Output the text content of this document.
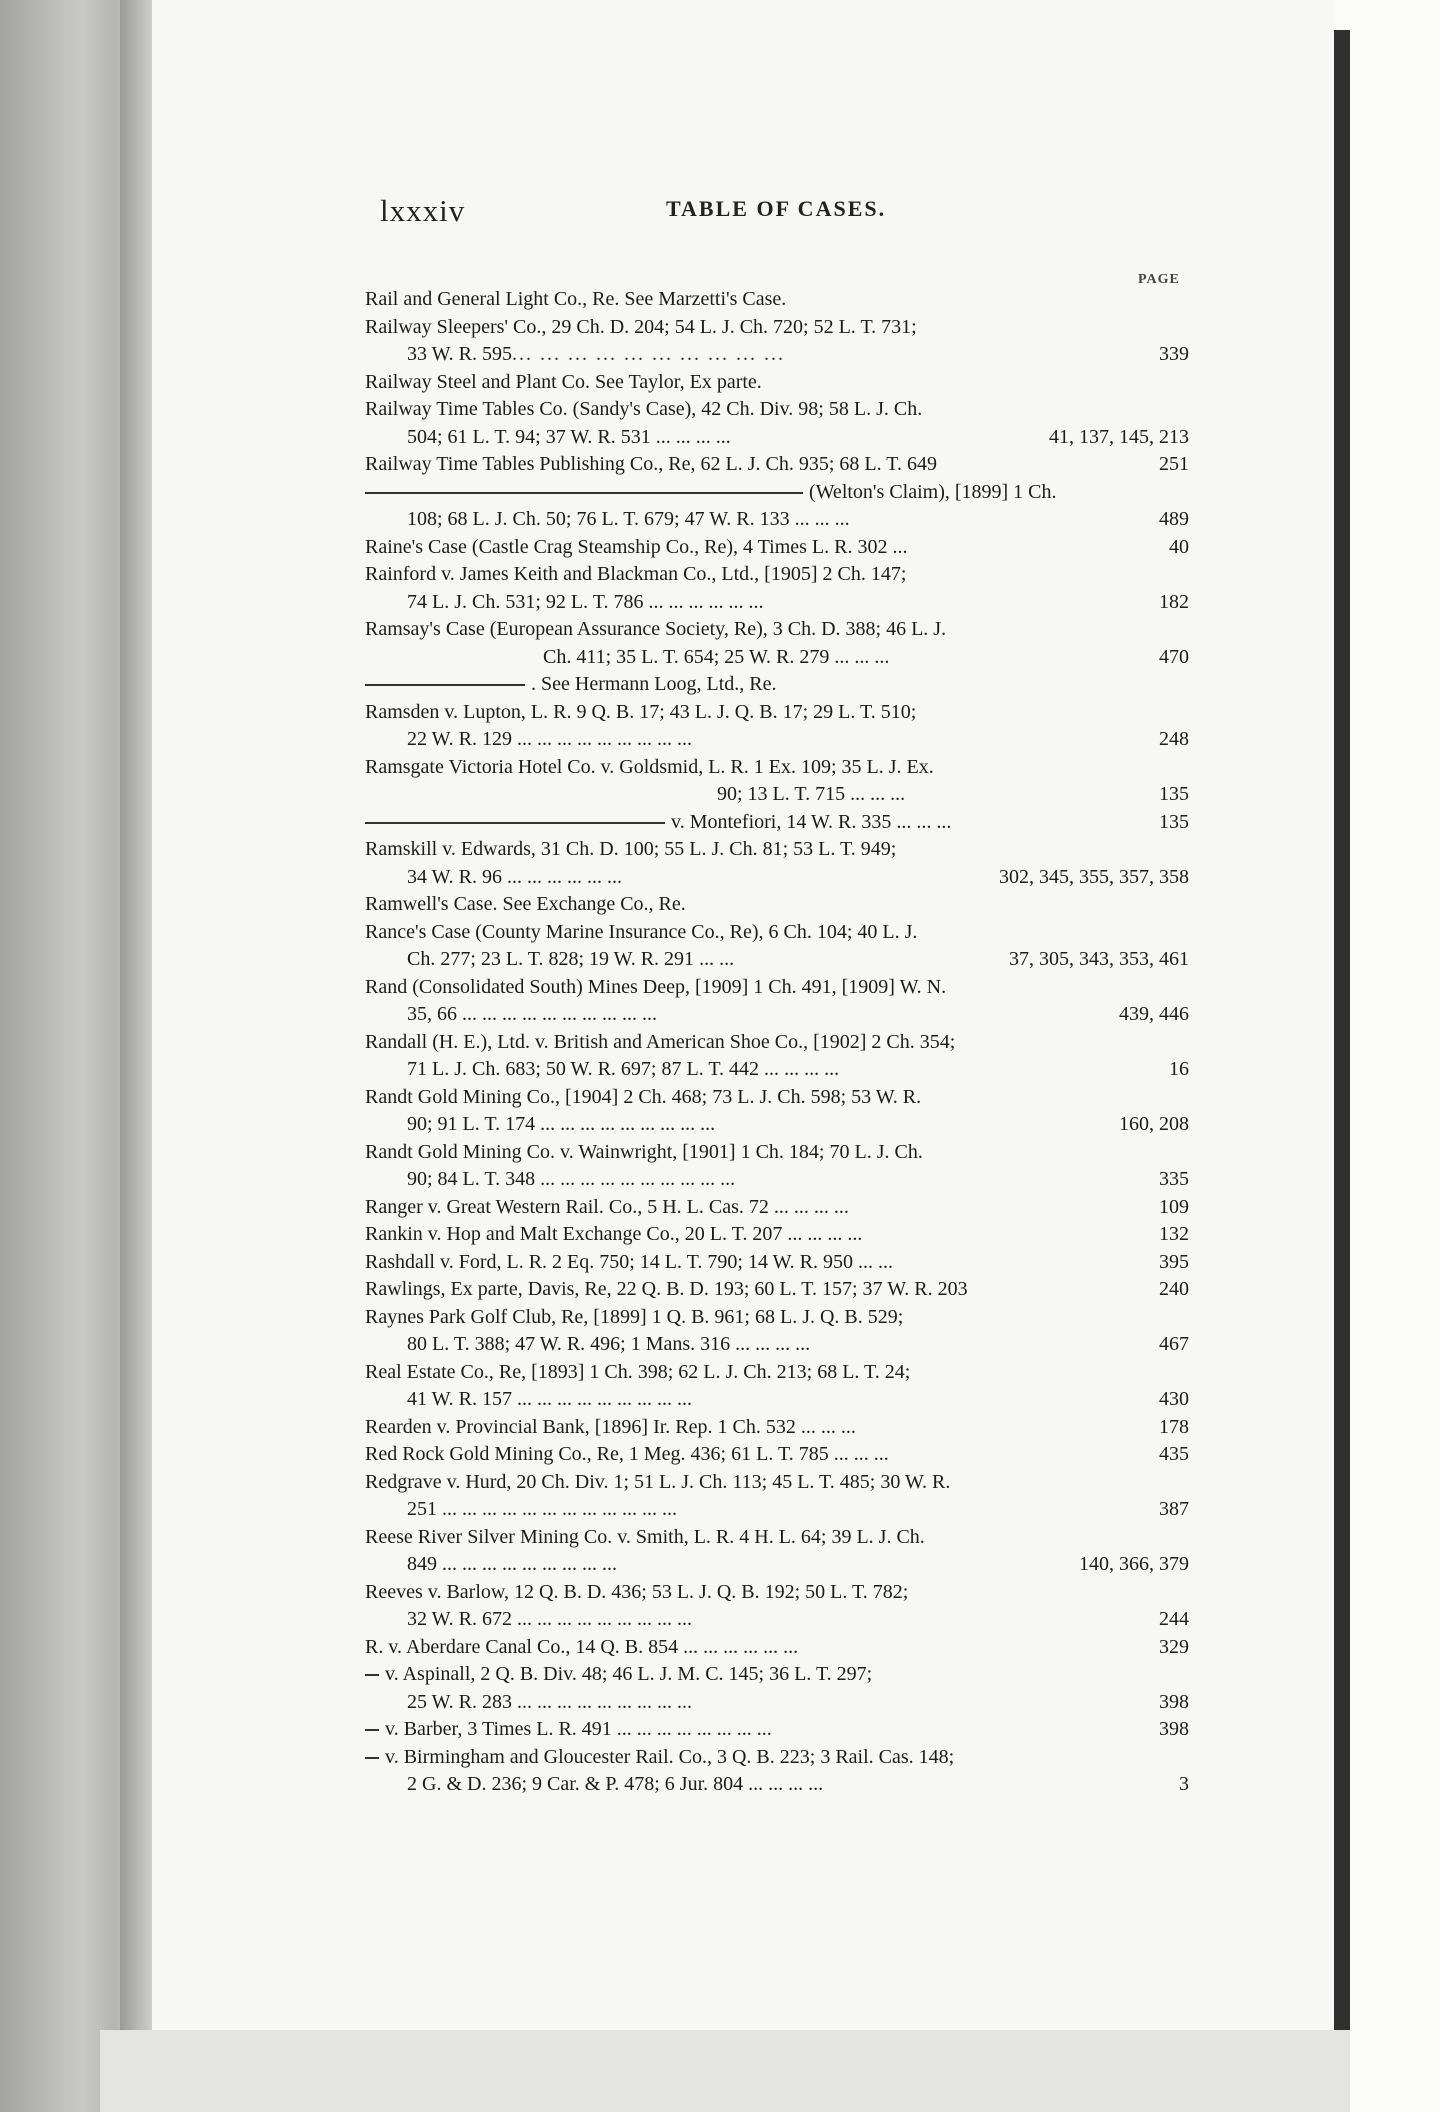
lxxxiv	TABLE OF CASES.
PAGE
Rail and General Light Co., Re. See Marzetti's Case.
Railway Sleepers' Co., 29 Ch. D. 204; 54 L. J. Ch. 720; 52 L. T. 731;
33 W. R. 595 ... ... ... ... ... ... ... ... ... ...	339
Railway Steel and Plant Co. See Taylor, Ex parte.
Railway Time Tables Co. (Sandy's Case), 42 Ch. Div. 98; 58 L. J. Ch.
504; 61 L. T. 94; 37 W. R. 531 ... ... ... ...	41, 137, 145, 213
Railway Time Tables Publishing Co., Re, 62 L. J. Ch. 935; 68 L. T. 649	251
(Welton's Claim), [1899] 1 Ch.
108; 68 L. J. Ch. 50; 76 L. T. 679; 47 W. R. 133 ... ... ...	489
Raine's Case (Castle Crag Steamship Co., Re), 4 Times L. R. 302 ...	40
Rainford v. James Keith and Blackman Co., Ltd., [1905] 2 Ch. 147;
74 L. J. Ch. 531; 92 L. T. 786 ... ... ... ... ... ...	182
Ramsay's Case (European Assurance Society, Re), 3 Ch. D. 388; 46 L. J.
Ch. 411; 35 L. T. 654; 25 W. R. 279 ... ... ...	470
. See Hermann Loog, Ltd., Re.
Ramsden v. Lupton, L. R. 9 Q. B. 17; 43 L. J. Q. B. 17; 29 L. T. 510;
22 W. R. 129 ... ... ... ... ... ... ... ... ...	248
Ramsgate Victoria Hotel Co. v. Goldsmid, L. R. 1 Ex. 109; 35 L. J. Ex.
90; 13 L. T. 715 ... ... ...	135
v. Montefiori, 14 W. R. 335 ... ... ...	135
Ramskill v. Edwards, 31 Ch. D. 100; 55 L. J. Ch. 81; 53 L. T. 949;
34 W. R. 96 ... ... ... ... ... ...	302, 345, 355, 357, 358
Ramwell's Case. See Exchange Co., Re.
Rance's Case (County Marine Insurance Co., Re), 6 Ch. 104; 40 L. J.
Ch. 277; 23 L. T. 828; 19 W. R. 291 ... ...	37, 305, 343, 353, 461
Rand (Consolidated South) Mines Deep, [1909] 1 Ch. 491, [1909] W. N.
35, 66 ... ... ... ... ... ... ... ... ... ...	439, 446
Randall (H. E.), Ltd. v. British and American Shoe Co., [1902] 2 Ch. 354;
71 L. J. Ch. 683; 50 W. R. 697; 87 L. T. 442 ... ... ... ...	16
Randt Gold Mining Co., [1904] 2 Ch. 468; 73 L. J. Ch. 598; 53 W. R.
90; 91 L. T. 174 ... ... ... ... ... ... ... ... ...	160, 208
Randt Gold Mining Co. v. Wainwright, [1901] 1 Ch. 184; 70 L. J. Ch.
90; 84 L. T. 348 ... ... ... ... ... ... ... ... ... ...	335
Ranger v. Great Western Rail. Co., 5 H. L. Cas. 72 ... ... ... ...	109
Rankin v. Hop and Malt Exchange Co., 20 L. T. 207 ... ... ... ...	132
Rashdall v. Ford, L. R. 2 Eq. 750; 14 L. T. 790; 14 W. R. 950 ... ...	395
Rawlings, Ex parte, Davis, Re, 22 Q. B. D. 193; 60 L. T. 157; 37 W. R. 203	240
Raynes Park Golf Club, Re, [1899] 1 Q. B. 961; 68 L. J. Q. B. 529;
80 L. T. 388; 47 W. R. 496; 1 Mans. 316 ... ... ... ...	467
Real Estate Co., Re, [1893] 1 Ch. 398; 62 L. J. Ch. 213; 68 L. T. 24;
41 W. R. 157 ... ... ... ... ... ... ... ... ...	430
Rearden v. Provincial Bank, [1896] Ir. Rep. 1 Ch. 532 ... ... ...	178
Red Rock Gold Mining Co., Re, 1 Meg. 436; 61 L. T. 785 ... ... ...	435
Redgrave v. Hurd, 20 Ch. Div. 1; 51 L. J. Ch. 113; 45 L. T. 485; 30 W. R.
251 ... ... ... ... ... ... ... ... ... ... ... ...	387
Reese River Silver Mining Co. v. Smith, L. R. 4 H. L. 64; 39 L. J. Ch.
849 ... ... ... ... ... ... ... ... ...	140, 366, 379
Reeves v. Barlow, 12 Q. B. D. 436; 53 L. J. Q. B. 192; 50 L. T. 782;
32 W. R. 672 ... ... ... ... ... ... ... ... ...	244
R. v. Aberdare Canal Co., 14 Q. B. 854 ... ... ... ... ... ...	329
v. Aspinall, 2 Q. B. Div. 48; 46 L. J. M. C. 145; 36 L. T. 297;
25 W. R. 283 ... ... ... ... ... ... ... ... ...	398
v. Barber, 3 Times L. R. 491 ... ... ... ... ... ... ... ...	398
v. Birmingham and Gloucester Rail. Co., 3 Q. B. 223; 3 Rail. Cas. 148;
2 G. & D. 236; 9 Car. & P. 478; 6 Jur. 804 ... ... ... ...	3
